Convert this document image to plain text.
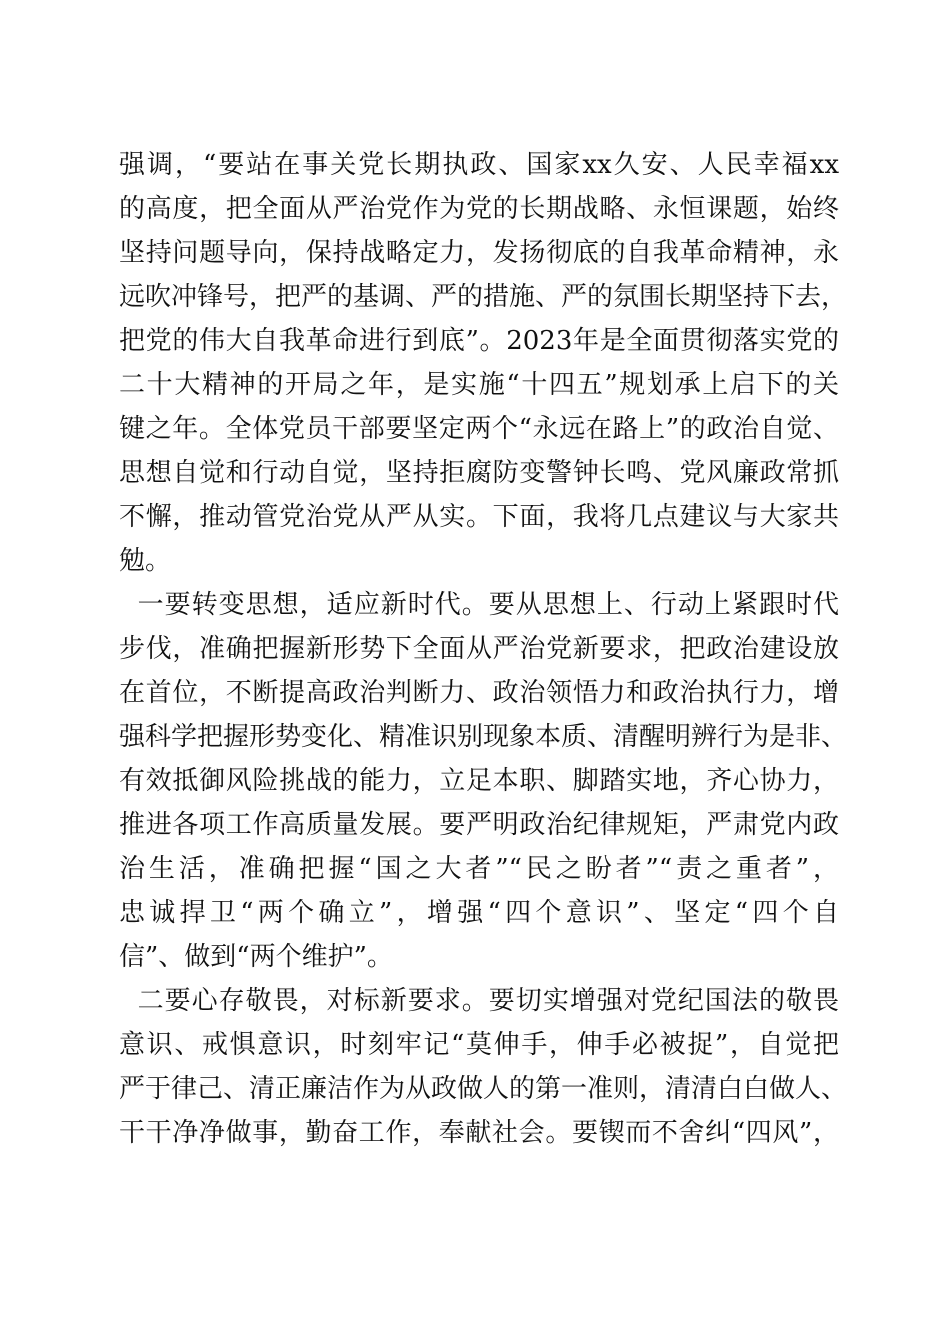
强调，“要站在事关党长期执政、国家xx久安、人民幸福xx
的高度，把全面从严治党作为党的长期战略、永恒课题，始终
坚持问题导向，保持战略定力，发扬彻底的自我革命精神，永
远吹冲锋号，把严的基调、严的措施、严的氛围长期坚持下去，
把党的伟大自我革命进行到底”。2023年是全面贯彻落实党的
二十大精神的开局之年，是实施“十四五”规划承上启下的关
键之年。全体党员干部要坚定两个“永远在路上”的政治自觉、
思想自觉和行动自觉，坚持拒腐防变警钟长鸣、党风廉政常抓
不懈，推动管党治党从严从实。下面，我将几点建议与大家共
勉。
一要转变思想，适应新时代。要从思想上、行动上紧跟时代
步伐，准确把握新形势下全面从严治党新要求，把政治建设放
在首位，不断提高政治判断力、政治领悟力和政治执行力，增
强科学把握形势变化、精准识别现象本质、清醒明辨行为是非、
有效抵御风险挑战的能力，立足本职、脚踏实地，齐心协力，
推进各项工作高质量发展。要严明政治纪律规矩，严肃党内政
治生活，准确把握“国之大者”“民之盼者”“责之重者”，
忠诚捍卫“两个确立”，增强“四个意识”、坚定“四个自
信”、做到“两个维护”。
二要心存敬畏，对标新要求。要切实增强对党纪国法的敬畏
意识、戒惧意识，时刻牢记“莫伸手，伸手必被捉”，自觉把
严于律己、清正廉洁作为从政做人的第一准则，清清白白做人、
干干净净做事，勤奋工作，奉献社会。要锲而不舍纠“四风”，
